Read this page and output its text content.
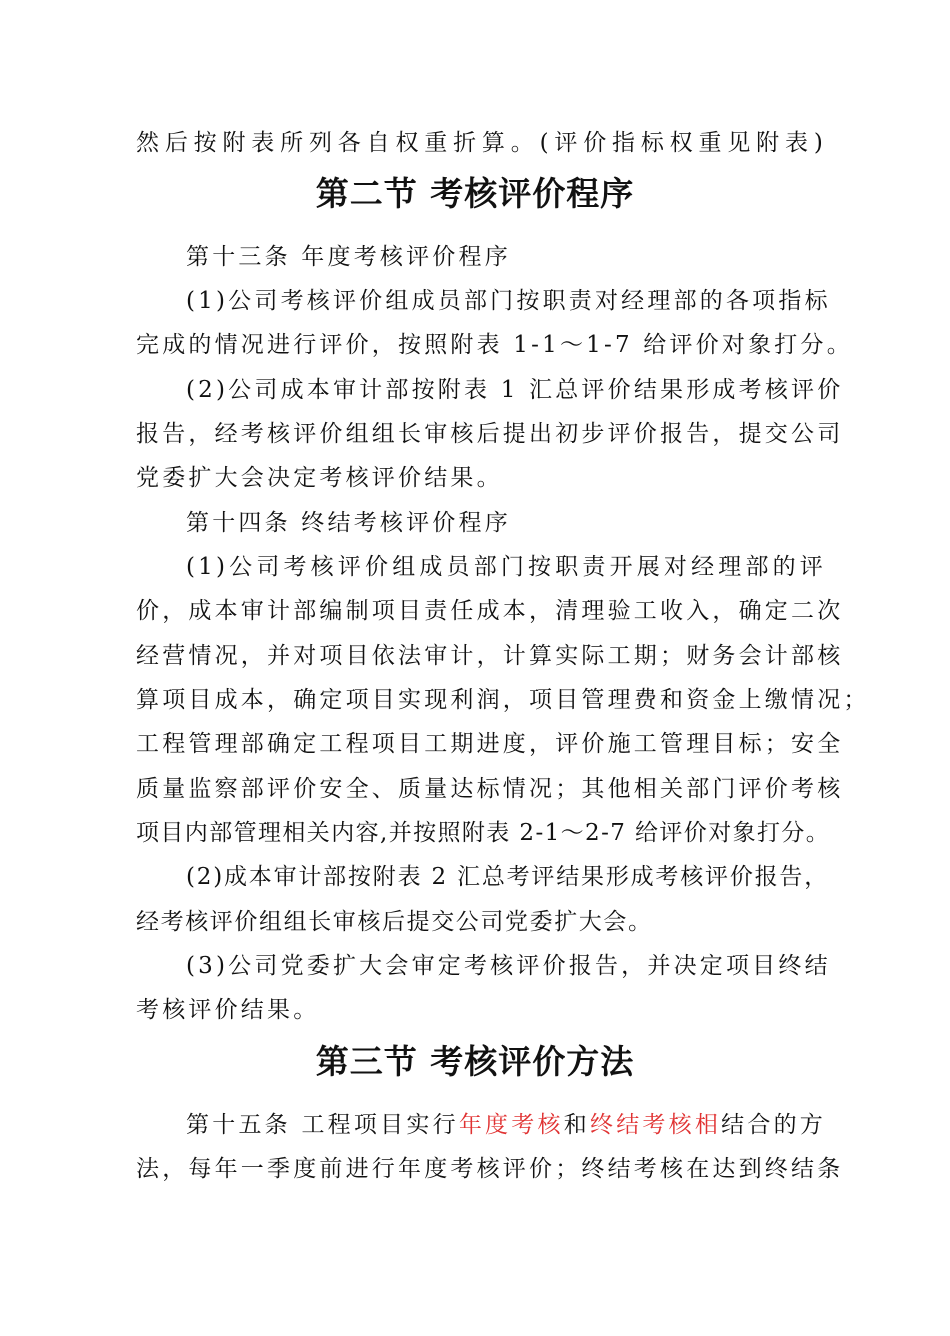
然后按附表所列各自权重折算。(评价指标权重见附表)
第二节 考核评价程序
第十三条 年度考核评价程序
(1)公司考核评价组成员部门按职责对经理部的各项指标
完成的情况进行评价，按照附表 1-1～1-7 给评价对象打分。
(2)公司成本审计部按附表 1 汇总评价结果形成考核评价
报告，经考核评价组组长审核后提出初步评价报告，提交公司
党委扩大会决定考核评价结果。
第十四条 终结考核评价程序
(1)公司考核评价组成员部门按职责开展对经理部的评
价，成本审计部编制项目责任成本，清理验工收入，确定二次
经营情况，并对项目依法审计，计算实际工期；财务会计部核
算项目成本，确定项目实现利润，项目管理费和资金上缴情况；
工程管理部确定工程项目工期进度，评价施工管理目标；安全
质量监察部评价安全、质量达标情况；其他相关部门评价考核
项目内部管理相关内容,并按照附表 2-1～2-7 给评价对象打分。
(2)成本审计部按附表 2 汇总考评结果形成考核评价报告，
经考核评价组组长审核后提交公司党委扩大会。
(3)公司党委扩大会审定考核评价报告，并决定项目终结
考核评价结果。
第三节 考核评价方法
第十五条 工程项目实行年度考核和终结考核相结合的方
法，每年一季度前进行年度考核评价；终结考核在达到终结条
